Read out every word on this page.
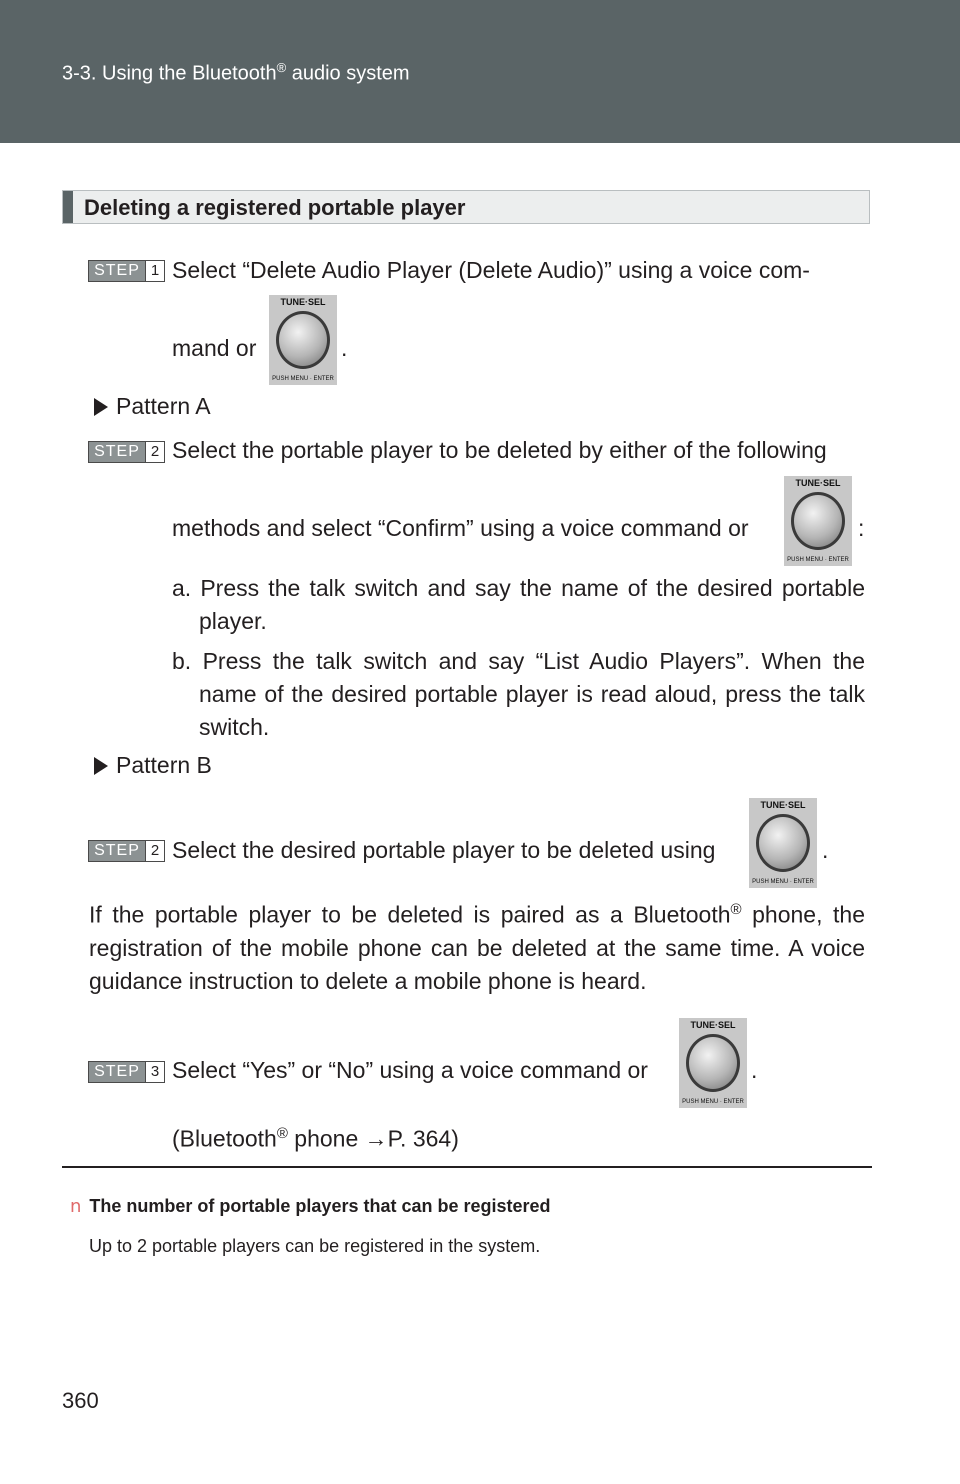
3-3. Using the Bluetooth® audio system
Deleting a registered portable player
STEP 1 Select “Delete Audio Player (Delete Audio)” using a voice com-
mand or
TUNE·SEL
PUSH MENU · ENTER
.
Pattern A
STEP 2 Select the portable player to be deleted by either of the following
methods and select “Confirm” using a voice command or
TUNE·SEL
PUSH MENU · ENTER
:
a. Press the talk switch and say the name of the desired portable player.
b. Press the talk switch and say “List Audio Players”. When the name of the desired portable player is read aloud, press the talk switch.
Pattern B
STEP 2 Select the desired portable player to be deleted using
TUNE·SEL
PUSH MENU · ENTER
.
If the portable player to be deleted is paired as a Bluetooth® phone, the registration of the mobile phone can be deleted at the same time. A voice guidance instruction to delete a mobile phone is heard.
STEP 3 Select “Yes” or “No” using a voice command or
TUNE·SEL
PUSH MENU · ENTER
.
(Bluetooth® phone →P. 364)
n The number of portable players that can be registered
Up to 2 portable players can be registered in the system.
360
